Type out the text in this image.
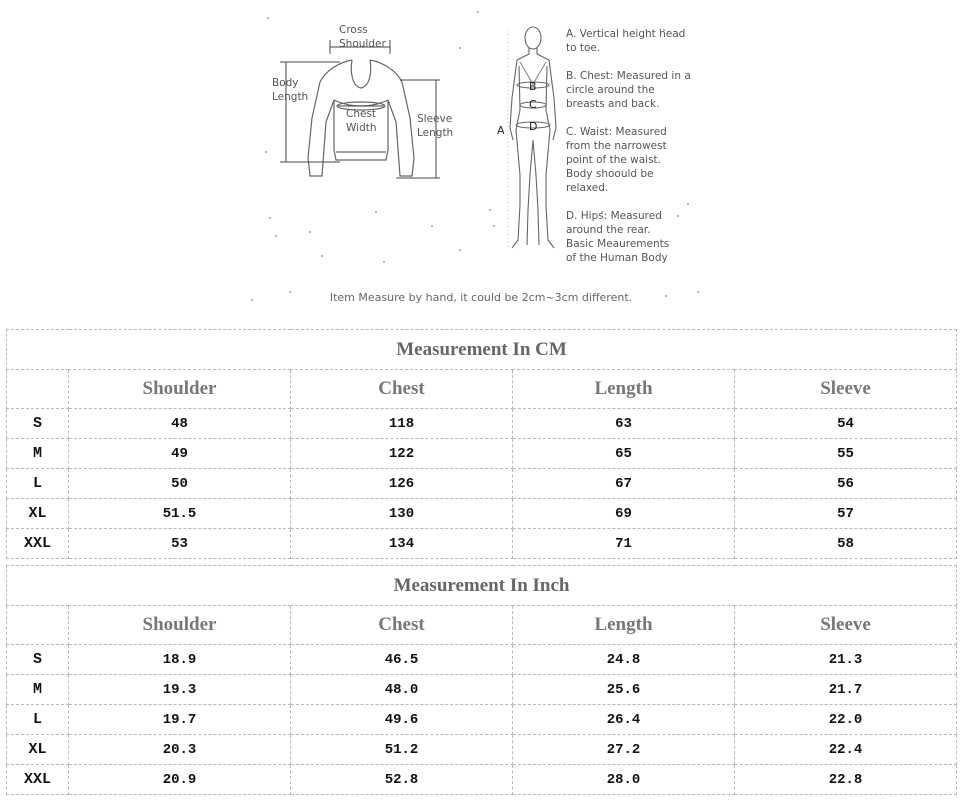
Cross
Shoulder
Body
Length
Chest
Width
Sleeve
Length	A
B
C
D
A. Vertical height head
to toe.
B. Chest: Measured in a
circle around the
breasts and back.
C. Waist: Measured
from the narrowest
point of the waist.
Body shoould be
relaxed.
D. Hips: Measured
around the rear.
Basic Meaurements
of the Human Body
Item Measure by hand, it could be 2cm~3cm different.
Measurement In CM				
	Shoulder	Chest	Length	Sleeve
S	48	118	63	54
M	49	122	65	55
L	50	126	67	56
XL	51.5	130	69	57
XXL	53	134	71	58
Measurement In Inch				
	Shoulder	Chest	Length	Sleeve
S	18.9	46.5	24.8	21.3
M	19.3	48.0	25.6	21.7
L	19.7	49.6	26.4	22.0
XL	20.3	51.2	27.2	22.4
XXL	20.9	52.8	28.0	22.8
